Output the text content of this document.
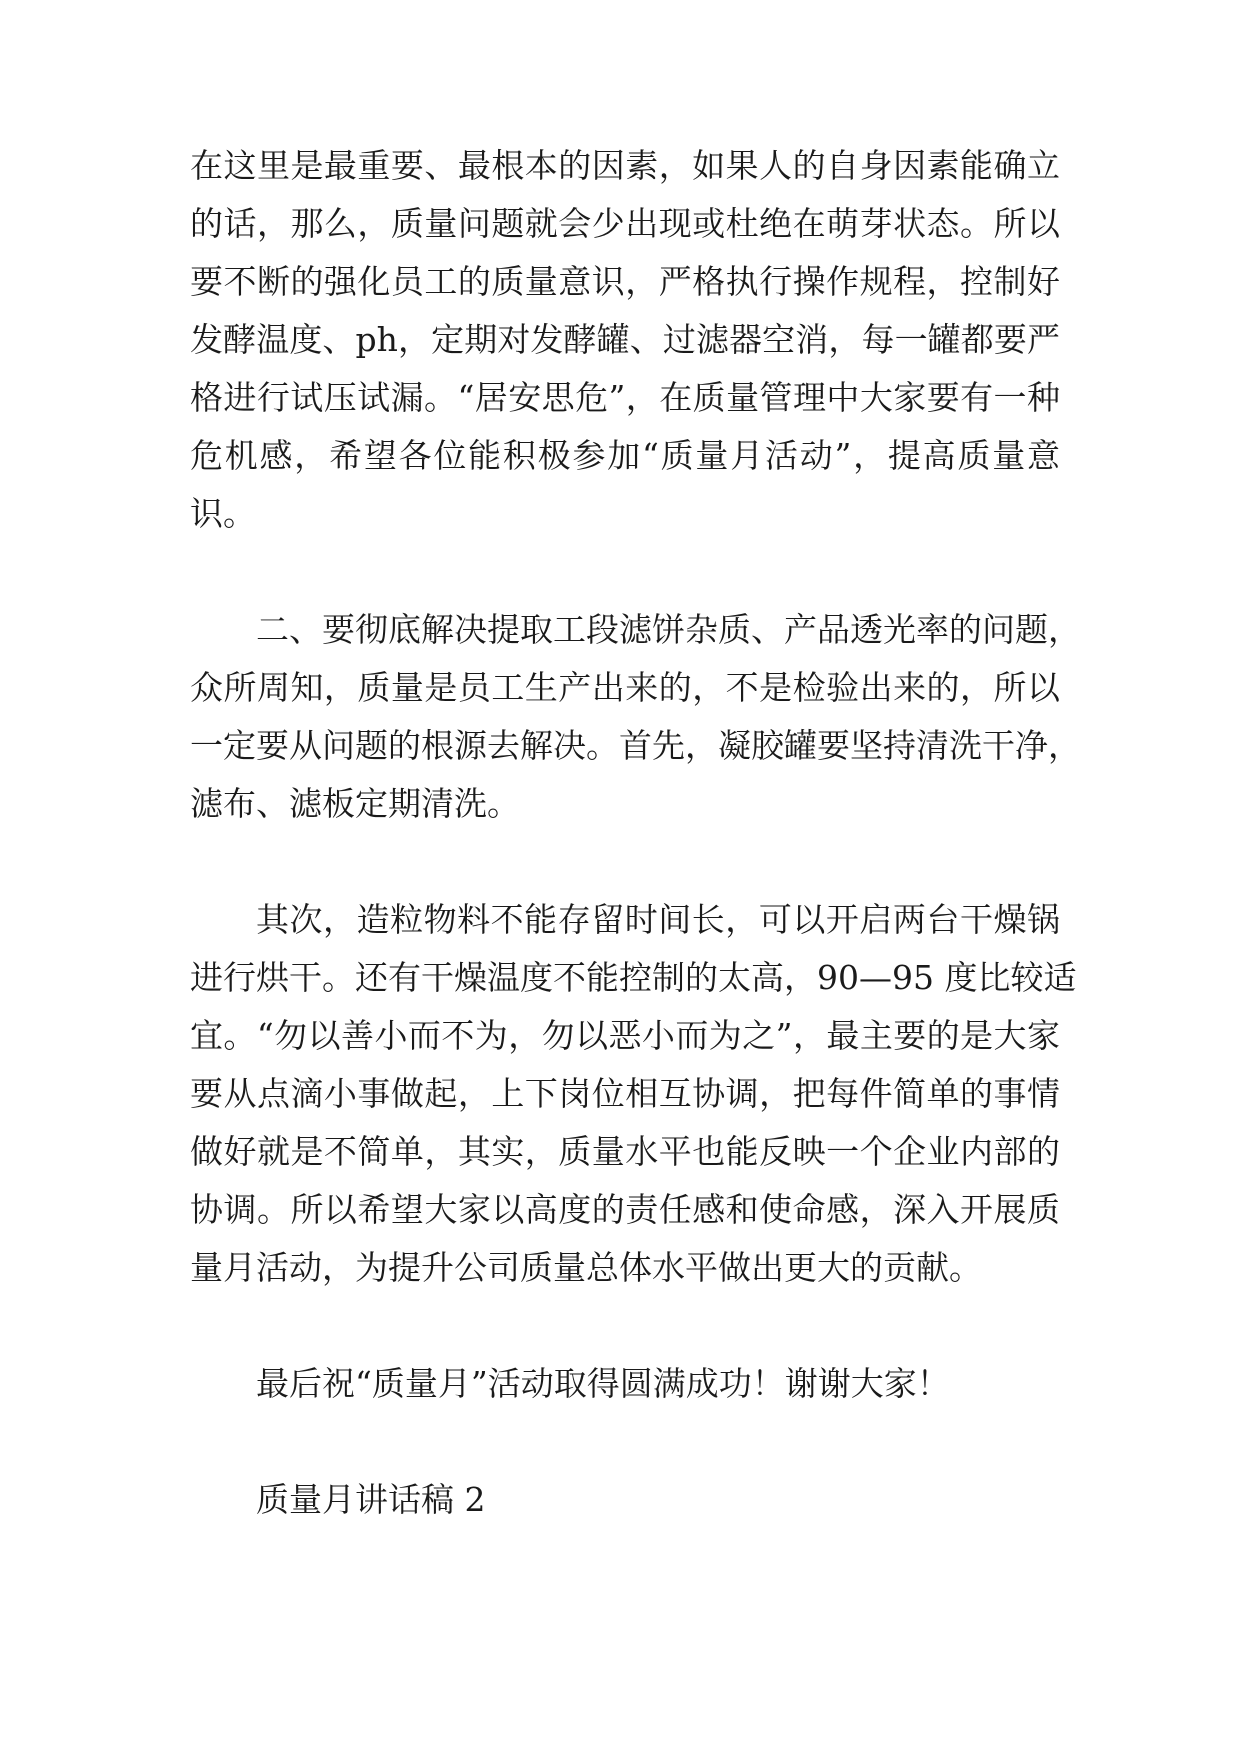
在这里是最重要、最根本的因素，如果人的自身因素能确立
的话，那么，质量问题就会少出现或杜绝在萌芽状态。所以
要不断的强化员工的质量意识，严格执行操作规程，控制好
发酵温度、ph，定期对发酵罐、过滤器空消，每一罐都要严
格进行试压试漏。“居安思危”，在质量管理中大家要有一种
危机感，希望各位能积极参加“质量月活动”，提高质量意
识。
二、要彻底解决提取工段滤饼杂质、产品透光率的问题，
众所周知，质量是员工生产出来的，不是检验出来的，所以
一定要从问题的根源去解决。首先，凝胶罐要坚持清洗干净，
滤布、滤板定期清洗。
其次，造粒物料不能存留时间长，可以开启两台干燥锅
进行烘干。还有干燥温度不能控制的太高，90—95 度比较适
宜。“勿以善小而不为，勿以恶小而为之”，最主要的是大家
要从点滴小事做起，上下岗位相互协调，把每件简单的事情
做好就是不简单，其实，质量水平也能反映一个企业内部的
协调。所以希望大家以高度的责任感和使命感，深入开展质
量月活动，为提升公司质量总体水平做出更大的贡献。
最后祝“质量月”活动取得圆满成功！谢谢大家！
质量月讲话稿 2
